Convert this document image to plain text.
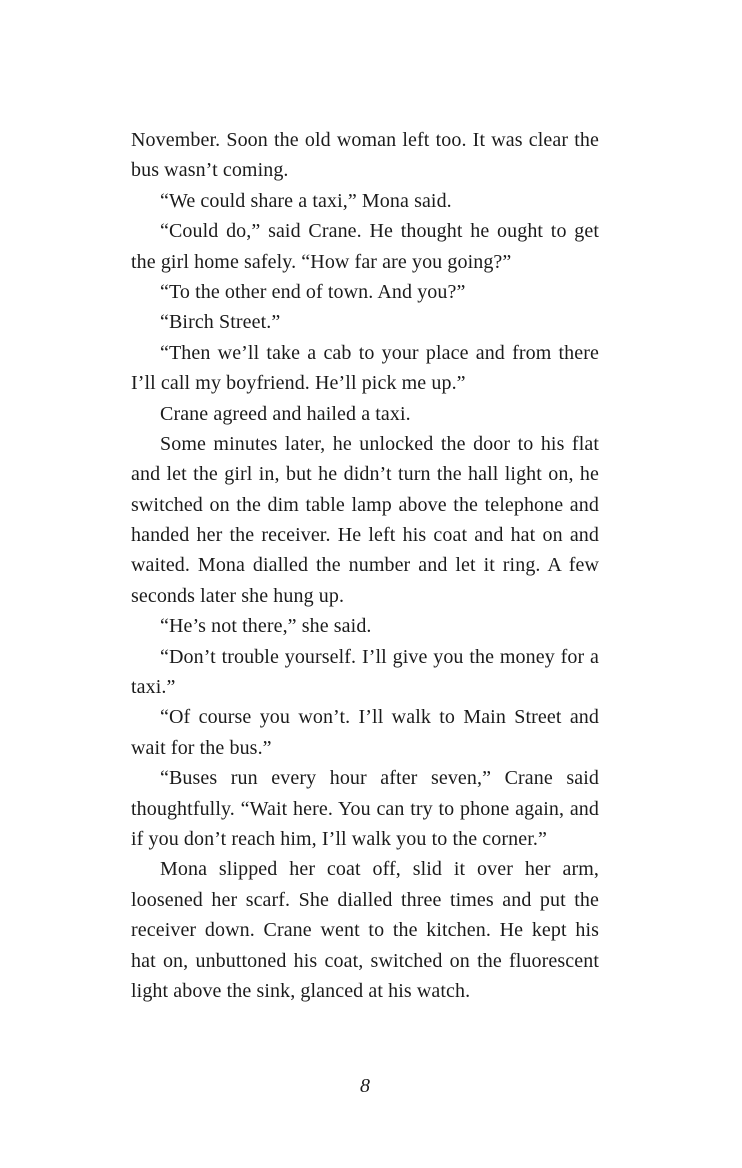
November. Soon the old woman left too. It was clear the
bus wasn’t coming.
“We could share a taxi,” Mona said.
“Could do,” said Crane. He thought he ought to get
the girl home safely. “How far are you going?”
“To the other end of town. And you?”
“Birch Street.”
“Then we’ll take a cab to your place and from there
I’ll call my boyfriend. He’ll pick me up.”
Crane agreed and hailed a taxi.
Some minutes later, he unlocked the door to his flat
and let the girl in, but he didn’t turn the hall light on, he
switched on the dim table lamp above the telephone and
handed her the receiver. He left his coat and hat on and
waited. Mona dialled the number and let it ring. A few
seconds later she hung up.
“He’s not there,” she said.
“Don’t trouble yourself. I’ll give you the money for a
taxi.”
“Of course you won’t. I’ll walk to Main Street and
wait for the bus.”
“Buses run every hour after seven,” Crane said
thoughtfully. “Wait here. You can try to phone again, and
if you don’t reach him, I’ll walk you to the corner.”
Mona slipped her coat off, slid it over her arm,
loosened her scarf. She dialled three times and put the
receiver down. Crane went to the kitchen. He kept his
hat on, unbuttoned his coat, switched on the fluorescent
light above the sink, glanced at his watch.
8
